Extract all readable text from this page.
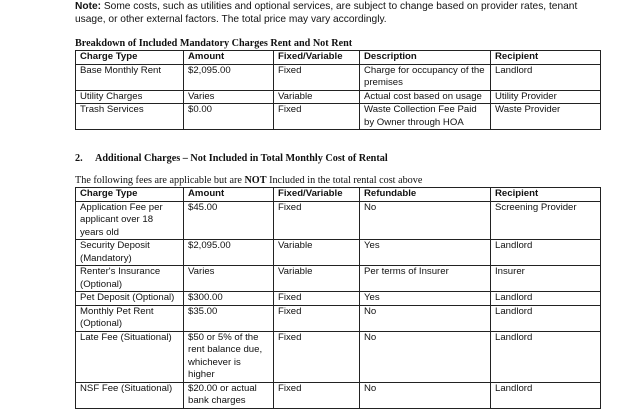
Note: Some costs, such as utilities and optional services, are subject to change based on provider rates, tenant usage, or other external factors. The total price may vary accordingly.
Breakdown of Included Mandatory Charges Rent and Not Rent
Charge Type	Amount	Fixed/Variable	Description	Recipient
Base Monthly Rent	$2,095.00	Fixed	Charge for occupancy of the premises	Landlord
Utility Charges	Varies	Variable	Actual cost based on usage	Utility Provider
Trash Services	$0.00	Fixed	Waste Collection Fee Paid by Owner through HOA	Waste Provider
2. Additional Charges – Not Included in Total Monthly Cost of Rental
The following fees are applicable but are NOT Included in the total rental cost above
Charge Type	Amount	Fixed/Variable	Refundable	Recipient
Application Fee per applicant over 18 years old	$45.00	Fixed	No	Screening Provider
Security Deposit (Mandatory)	$2,095.00	Variable	Yes	Landlord
Renter's Insurance (Optional)	Varies	Variable	Per terms of Insurer	Insurer
Pet Deposit (Optional)	$300.00	Fixed	Yes	Landlord
Monthly Pet Rent (Optional)	$35.00	Fixed	No	Landlord
Late Fee (Situational)	$50 or 5% of the rent balance due, whichever is higher	Fixed	No	Landlord
NSF Fee (Situational)	$20.00 or actual bank charges	Fixed	No	Landlord
